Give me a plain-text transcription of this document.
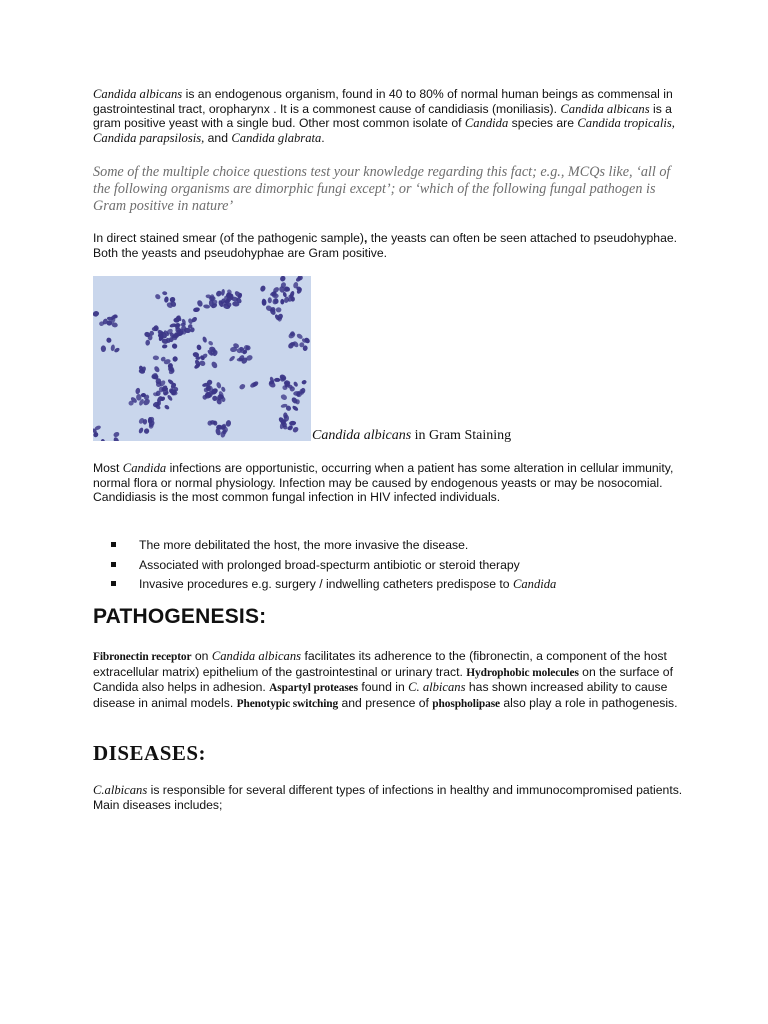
Candida albicans is an endogenous organism, found in 40 to 80% of normal human beings as commensal in gastrointestinal tract, oropharynx . It is a commonest cause of candidiasis (moniliasis). Candida albicans is a gram positive yeast with a single bud. Other most common isolate of Candida species are Candida tropicalis, Candida parapsilosis, and Candida glabrata.

Some of the multiple choice questions test your knowledge regarding this fact; e.g., MCQs like, ‘all of the following organisms are dimorphic fungi except’; or ‘which of the following fungal pathogen is Gram positive in nature’

In direct stained smear (of the pathogenic sample), the yeasts can often be seen attached to pseudohyphae. Both the yeasts and pseudohyphae are Gram positive.

Candida albicans in Gram Staining

Most Candida infections are opportunistic, occurring when a patient has some alteration in cellular immunity, normal flora or normal physiology. Infection may be caused by endogenous yeasts or may be nosocomial. Candidiasis is the most common fungal infection in HIV infected individuals.

The more debilitated the host, the more invasive the disease.
Associated with prolonged broad-specturm antibiotic or steroid therapy
Invasive procedures e.g. surgery / indwelling catheters predispose to Candida
PATHOGENESIS:

Fibronectin receptor on Candida albicans facilitates its adherence to the (fibronectin, a component of the host extracellular matrix) epithelium of the gastrointestinal or urinary tract. Hydrophobic molecules on the surface of Candida also helps in adhesion. Aspartyl proteases found in C. albicans has shown increased ability to cause disease in animal models. Phenotypic switching and presence of phospholipase also play a role in pathogenesis.

DISEASES:

C.albicans is responsible for several different types of infections in healthy and immunocompromised patients. Main diseases includes;
